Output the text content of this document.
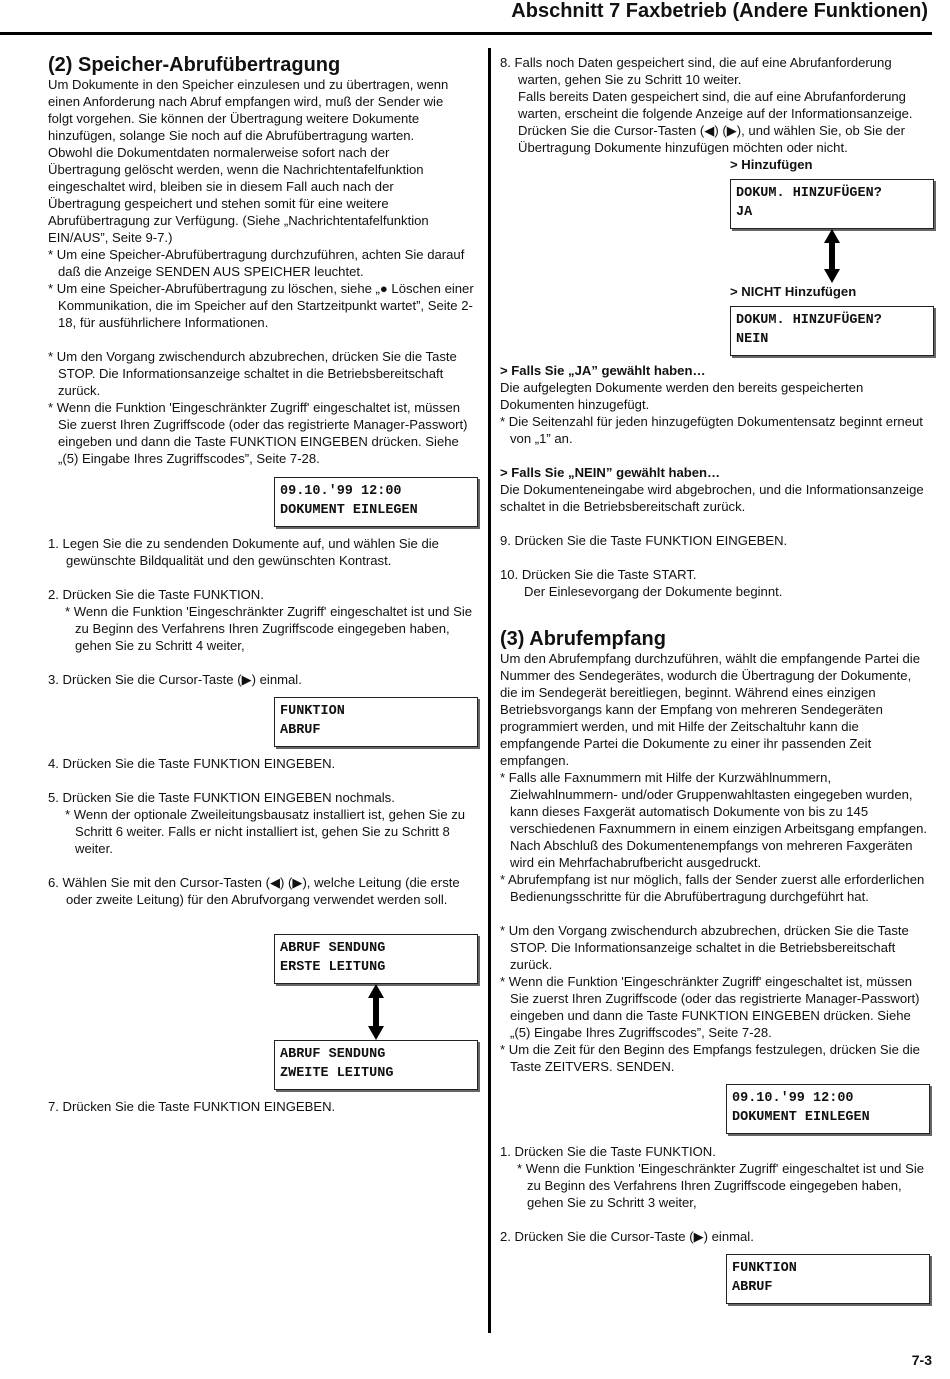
Abschnitt 7 Faxbetrieb (Andere Funktionen)
(2) Speicher-Abrufübertragung

Um Dokumente in den Speicher einzulesen und zu übertragen, wenn

einen Anforderung nach Abruf empfangen wird, muß der Sender wie

folgt vorgehen. Sie können der Übertragung weitere Dokumente

hinzufügen, solange Sie noch auf die Abrufübertragung warten.

Obwohl die Dokumentdaten normalerweise sofort nach der

Übertragung gelöscht werden, wenn die Nachrichtentafelfunktion

eingeschaltet wird, bleiben sie in diesem Fall auch nach der

Übertragung gespeichert und stehen somit für eine weitere

Abrufübertragung zur Verfügung. (Siehe „Nachrichtentafelfunktion

EIN/AUS”, Seite 9-7.)

* Um eine Speicher-Abrufübertragung durchzuführen, achten Sie darauf daß die Anzeige SENDEN AUS SPEICHER leuchtet.

* Um eine Speicher-Abrufübertragung zu löschen, siehe „● Löschen einer Kommunikation, die im Speicher auf den Startzeitpunkt wartet”, Seite 2-18, für ausführlichere Informationen.

* Um den Vorgang zwischendurch abzubrechen, drücken Sie die Taste STOP. Die Informationsanzeige schaltet in die Betriebsbereitschaft zurück.

* Wenn die Funktion 'Eingeschränkter Zugriff' eingeschaltet ist, müssen Sie zuerst Ihren Zugriffscode (oder das registrierte Manager-Passwort) eingeben und dann die Taste FUNKTION EINGEBEN drücken. Siehe „(5) Eingabe Ihres Zugriffscodes”, Seite 7-28.

09.10.'99 12:00
DOKUMENT EINLEGEN

1. Legen Sie die zu sendenden Dokumente auf, und wählen Sie die gewünschte Bildqualität und den gewünschten Kontrast.

2. Drücken Sie die Taste FUNKTION.

* Wenn die Funktion 'Eingeschränkter Zugriff' eingeschaltet ist und Sie zu Beginn des Verfahrens Ihren Zugriffscode eingegeben haben, gehen Sie zu Schritt 4 weiter,

3. Drücken Sie die Cursor-Taste (▶) einmal.

FUNKTION
ABRUF

4. Drücken Sie die Taste FUNKTION EINGEBEN.

5. Drücken Sie die Taste FUNKTION EINGEBEN nochmals.

* Wenn der optionale Zweileitungsbausatz installiert ist, gehen Sie zu Schritt 6 weiter. Falls er nicht installiert ist, gehen Sie zu Schritt 8 weiter.

6. Wählen Sie mit den Cursor-Tasten (◀) (▶), welche Leitung (die erste oder zweite Leitung) für den Abrufvorgang verwendet werden soll.

ABRUF SENDUNG
ERSTE LEITUNG
ABRUF SENDUNG
ZWEITE LEITUNG

7. Drücken Sie die Taste FUNKTION EINGEBEN.

8. Falls noch Daten gespeichert sind, die auf eine Abrufanforderung warten, gehen Sie zu Schritt 10 weiter.

Falls bereits Daten gespeichert sind, die auf eine Abrufanforderung warten, erscheint die folgende Anzeige auf der Informationsanzeige. Drücken Sie die Cursor-Tasten (◀) (▶), und wählen Sie, ob Sie der Übertragung Dokumente hinzufügen möchten oder nicht.

> Hinzufügen

DOKUM. HINZUFÜGEN?
JA

> NICHT Hinzufügen

DOKUM. HINZUFÜGEN?
NEIN

> Falls Sie „JA” gewählt haben…

Die aufgelegten Dokumente werden den bereits gespeicherten Dokumenten hinzugefügt.

* Die Seitenzahl für jeden hinzugefügten Dokumentensatz beginnt erneut von „1” an.

> Falls Sie „NEIN” gewählt haben…

Die Dokumenteneingabe wird abgebrochen, und die Informationsanzeige schaltet in die Betriebsbereitschaft zurück.

9. Drücken Sie die Taste FUNKTION EINGEBEN.

10. Drücken Sie die Taste START.

Der Einlesevorgang der Dokumente beginnt.

(3) Abrufempfang

Um den Abrufempfang durchzuführen, wählt die empfangende Partei die Nummer des Sendegerätes, wodurch die Übertragung der Dokumente, die im Sendegerät bereitliegen, beginnt. Während eines einzigen Betriebsvorgangs kann der Empfang von mehreren Sendegeräten programmiert werden, und mit Hilfe der Zeitschaltuhr kann die empfangende Partei die Dokumente zu einer ihr passenden Zeit empfangen.

* Falls alle Faxnummern mit Hilfe der Kurzwählnummern, Zielwahlnummern- und/oder Gruppenwahltasten eingegeben wurden, kann dieses Faxgerät automatisch Dokumente von bis zu 145 verschiedenen Faxnummern in einem einzigen Arbeitsgang empfangen. Nach Abschluß des Dokumentenempfangs von mehreren Faxgeräten wird ein Mehrfachabrufbericht ausgedruckt.

* Abrufempfang ist nur möglich, falls der Sender zuerst alle erforderlichen Bedienungsschritte für die Abrufübertragung durchgeführt hat.

* Um den Vorgang zwischendurch abzubrechen, drücken Sie die Taste STOP. Die Informationsanzeige schaltet in die Betriebsbereitschaft zurück.

* Wenn die Funktion 'Eingeschränkter Zugriff' eingeschaltet ist, müssen Sie zuerst Ihren Zugriffscode (oder das registrierte Manager-Passwort) eingeben und dann die Taste FUNKTION EINGEBEN drücken. Siehe „(5) Eingabe Ihres Zugriffscodes”, Seite 7-28.

* Um die Zeit für den Beginn des Empfangs festzulegen, drücken Sie die Taste ZEITVERS. SENDEN.

09.10.'99 12:00
DOKUMENT EINLEGEN

1. Drücken Sie die Taste FUNKTION.

* Wenn die Funktion 'Eingeschränkter Zugriff' eingeschaltet ist und Sie zu Beginn des Verfahrens Ihren Zugriffscode eingegeben haben, gehen Sie zu Schritt 3 weiter,

2. Drücken Sie die Cursor-Taste (▶) einmal.

FUNKTION
ABRUF
7-3
